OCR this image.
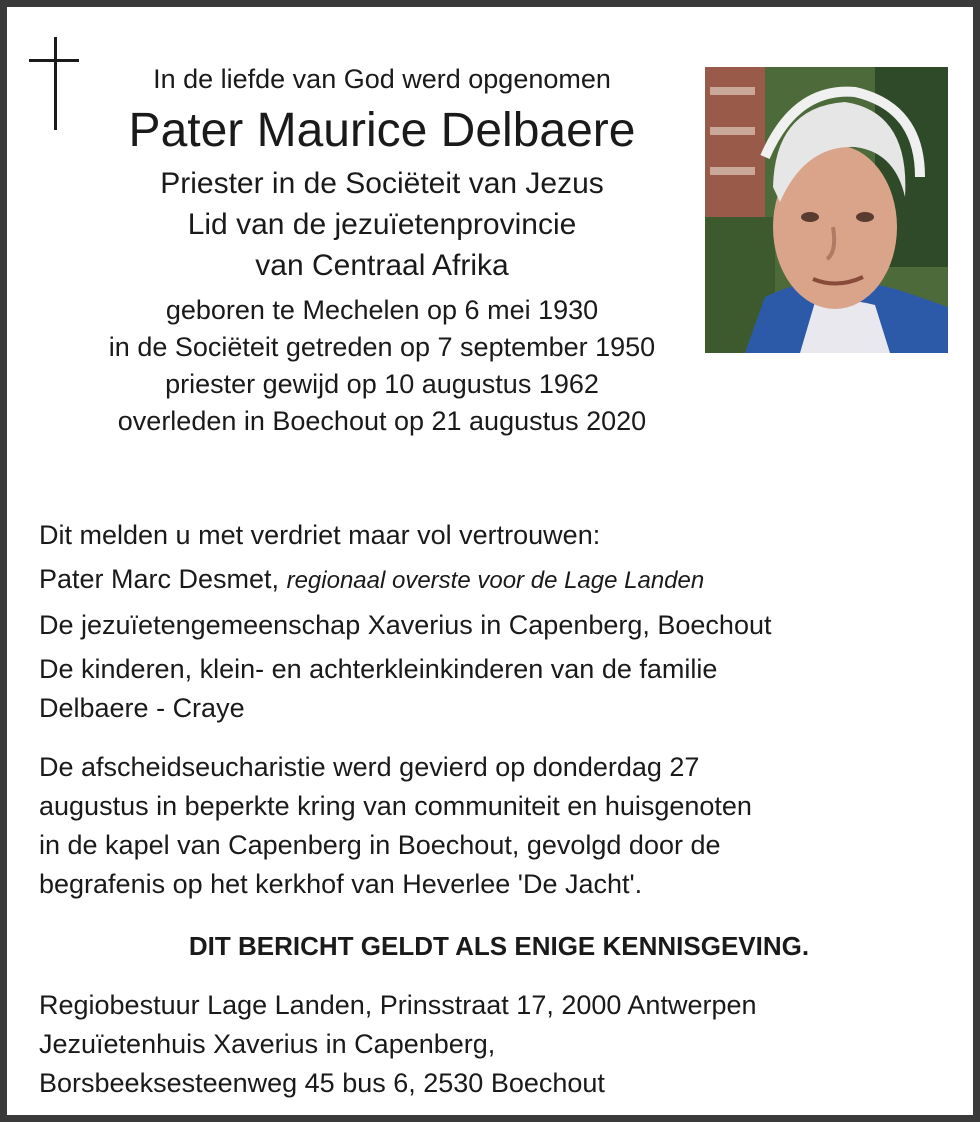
In de liefde van God werd opgenomen
Pater Maurice Delbaere
Priester in de Sociëteit van Jezus
Lid van de jezuïetenprovincie
van Centraal Afrika
geboren te Mechelen op 6 mei 1930
in de Sociëteit getreden op 7 september 1950
priester gewijd op 10 augustus 1962
overleden in Boechout op 21 augustus 2020

Dit melden u met verdriet maar vol vertrouwen:

Pater Marc Desmet, regionaal overste voor de Lage Landen

De jezuïetengemeenschap Xaverius in Capenberg, Boechout

De kinderen, klein- en achterkleinkinderen van de familie
Delbaere - Craye
De afscheidseucharistie werd gevierd op donderdag 27
augustus in beperkte kring van communiteit en huisgenoten
in de kapel van Capenberg in Boechout, gevolgd door de
begrafenis op het kerkhof van Heverlee 'De Jacht'.
DIT BERICHT GELDT ALS ENIGE KENNISGEVING.
Regiobestuur Lage Landen, Prinsstraat 17, 2000 Antwerpen
Jezuïetenhuis Xaverius in Capenberg,
Borsbeeksesteenweg 45 bus 6, 2530 Boechout
